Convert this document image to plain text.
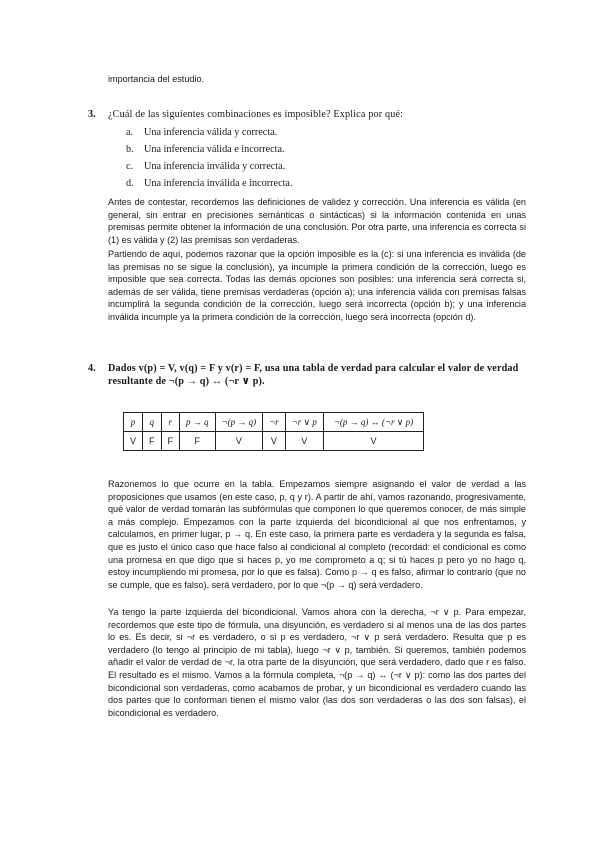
importancia del estudio.
3. ¿Cuál de las siguientes combinaciones es imposible? Explica por qué:
a. Una inferencia válida y correcta.
b. Una inferencia válida e incorrecta.
c. Una inferencia inválida y correcta.
d. Una inferencia inválida e incorrecta.
Antes de contestar, recordemos las definiciones de validez y corrección. Una inferencia es válida (en general, sin entrar en precisiones semánticas o sintácticas) si la información contenida en unas premisas permite obtener la información de una conclusión. Por otra parte, una inferencia es correcta si (1) es válida y (2) las premisas son verdaderas.
Partiendo de aquí, podemos razonar que la opción imposible es la (c): si una inferencia es inválida (de las premisas no se sigue la conclusión), ya incumple la primera condición de la corrección, luego es imposible que sea correcta. Todas las demás opciones son posibles: una inferencia será correcta si, además de ser válida, tiene premisas verdaderas (opción a); una inferencia válida con premisas falsas incumplirá la segunda condición de la corrección, luego será incorrecta (opción b); y una inferencia inválida incumple ya la primera condición de la corrección, luego será incorrecta (opción d).
4. Dados v(p) = V, v(q) = F y v(r) = F, usa una tabla de verdad para calcular el valor de verdad resultante de ¬(p → q) ↔ (¬r ∨ p).
p	q	r	p → q	¬(p → q)	¬r	¬r ∨ p	¬(p → q) ↔ (¬r ∨ p)
V	F	F	F	V	V	V	V
Razonemos lo que ocurre en la tabla. Empezamos siempre asignando el valor de verdad a las proposiciones que usamos (en este caso, p, q y r). A partir de ahí, vamos razonando, progresivamente, qué valor de verdad tomarán las subfórmulas que componen lo que queremos conocer, de más simple a más complejo. Empezamos con la parte izquierda del bicondicional al que nos enfrentamos, y calculamos, en primer lugar, p → q. En este caso, la primera parte es verdadera y la segunda es falsa, que es justo el único caso que hace falso al condicional al completo (recordad: el condicional es como una promesa en que digo que si haces p, yo me comprometo a q; si tú haces p pero yo no hago q, estoy incumpliendo mi promesa, por lo que es falsa). Como p → q es falso, afirmar lo contrario (que no se cumple, que es falso), será verdadero, por lo que ¬(p → q) será verdadero.
Ya tengo la parte izquierda del bicondicional. Vamos ahora con la derecha, ¬r ∨ p. Para empezar, recordemos que este tipo de fórmula, una disyunción, es verdadero si al menos una de las dos partes lo es. Es decir, si ¬r es verdadero, o si p es verdadero, ¬r ∨ p será verdadero. Resulta que p es verdadero (lo tengo al principio de mi tabla), luego ¬r ∨ p, también. Si queremos, también podemos añadir el valor de verdad de ¬r, la otra parte de la disyunción, que será verdadero, dado que r es falso. El resultado es el mismo. Vamos a la fórmula completa, ¬(p → q) ↔ (¬r ∨ p): como las dos partes del bicondicional son verdaderas, como acabamos de probar, y un bicondicional es verdadero cuando las dos partes que lo conforman tienen el mismo valor (las dos son verdaderas o las dos son falsas), el bicondicional es verdadero.
